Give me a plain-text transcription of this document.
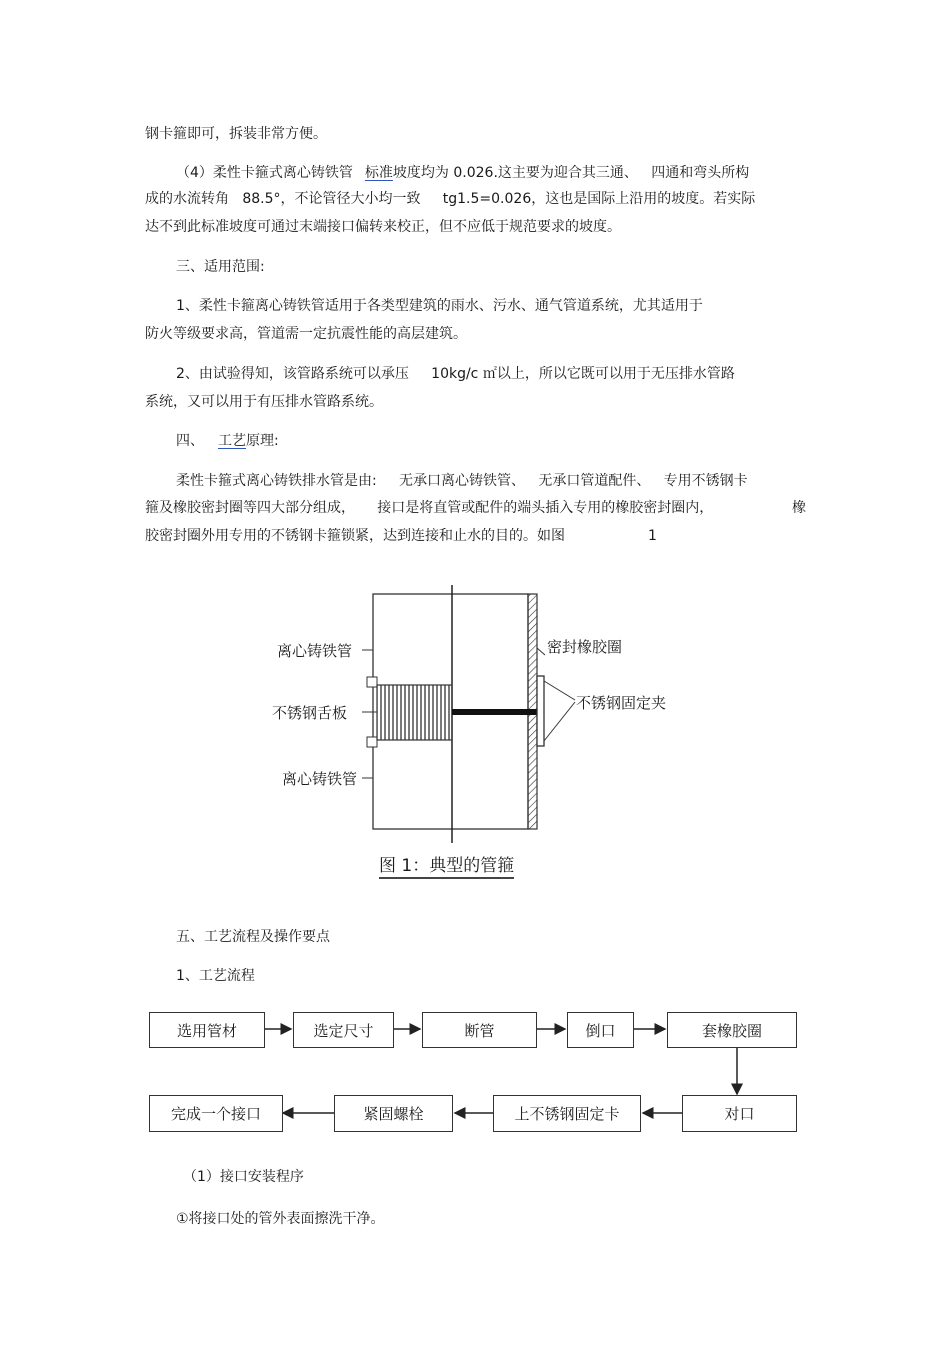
钢卡箍即可，拆装非常方便。
（4）柔性卡箍式离心铸铁管 标准坡度均为 0.026.这主要为迎合其三通、   四通和弯头所构
成的水流转角   88.5°，不论管径大小均一致     tg1.5=0.026，这也是国际上沿用的坡度。若实际
达不到此标准坡度可通过末端接口偏转来校正，但不应低于规范要求的坡度。
三、适用范围:
1、柔性卡箍离心铸铁管适用于各类型建筑的雨水、污水、通气管道系统，尤其适用于
防火等级要求高，管道需一定抗震性能的高层建筑。
2、由试验得知，该管路系统可以承压     10kg/c ㎡以上，所以它既可以用于无压排水管路
系统，又可以用于有压排水管路系统。
四、 工艺原理:
柔性卡箍式离心铸铁排水管是由:     无承口离心铸铁管、   无承口管道配件、   专用不锈钢卡
箍及橡胶密封圈等四大部分组成，     接口是将直管或配件的端头插入专用的橡胶密封圈内，	橡
胶密封圈外用专用的不锈钢卡箍锁紧，达到连接和止水的目的。如图	1
离心铸铁管
不锈钢舌板
离心铸铁管
密封橡胶圈
不锈钢固定夹
图 1：典型的管箍
五、工艺流程及操作要点
1、工艺流程
选用管材	选定尺寸	断管	倒口	套橡胶圈
完成一个接口	紧固螺栓	上不锈钢固定卡	对口
（1）接口安装程序
①将接口处的管外表面擦洗干净。
